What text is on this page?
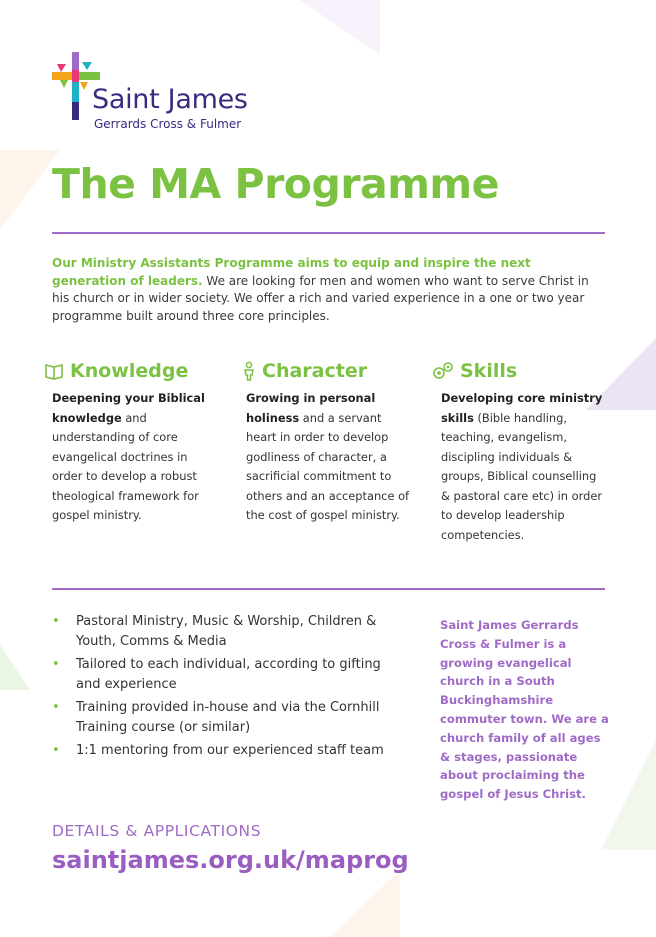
Saint James
Gerrards Cross & Fulmer
The MA Programme

Our Ministry Assistants Programme aims to equip and inspire the next generation of leaders. We are looking for men and women who want to serve Christ in his church or in wider society. We offer a rich and varied experience in a one or two year programme built around three core principles.

Knowledge
Deepening your Biblical knowledge and understanding of core evangelical doctrines in order to develop a robust theological framework for gospel ministry.
Character
Growing in personal holiness and a servant heart in order to develop godliness of character, a sacrificial commitment to others and an acceptance of the cost of gospel ministry.
Skills
Developing core ministry skills (Bible handling, teaching, evangelism, discipling individuals & groups, Biblical counselling & pastoral care etc) in order to develop leadership competencies.
• Pastoral Ministry, Music & Worship, Children & Youth, Comms & Media
• Tailored to each individual, according to gifting and experience
• Training provided in-house and via the Cornhill Training course (or similar)
• 1:1 mentoring from our experienced staff team

Saint James Gerrards Cross & Fulmer is a growing evangelical church in a South Buckinghamshire commuter town. We are a church family of all ages & stages, passionate about proclaiming the gospel of Jesus Christ.

DETAILS & APPLICATIONS
saintjames.org.uk/maprog
